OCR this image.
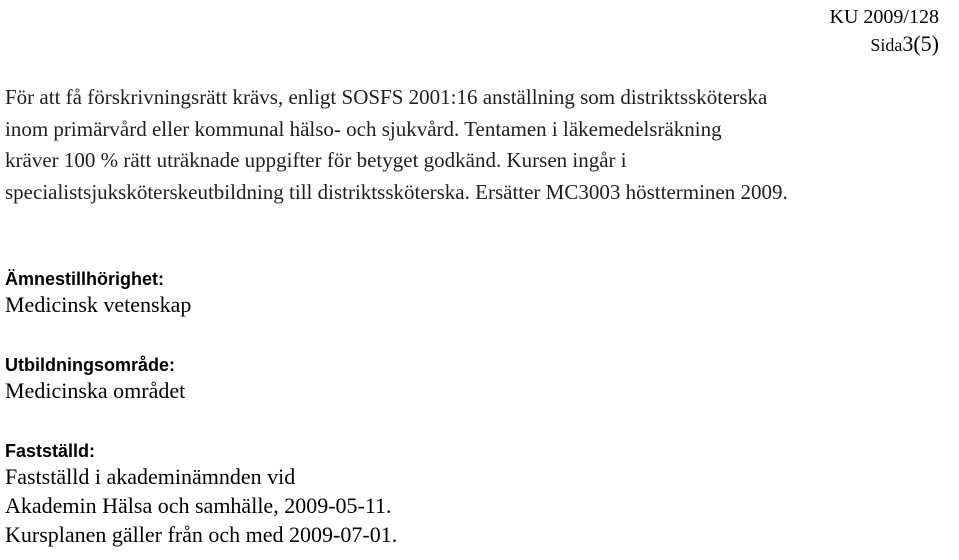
KU 2009/128
Sida3(5)
För att få förskrivningsrätt krävs, enligt SOSFS 2001:16 anställning som distriktssköterska
inom primärvård eller kommunal hälso- och sjukvård. Tentamen i läkemedelsräkning
kräver 100 % rätt uträknade uppgifter för betyget godkänd. Kursen ingår i
specialistsjuksköterskeutbildning till distriktssköterska. Ersätter MC3003 höstterminen 2009.

Ämnestillhörighet:

Medicinsk vetenskap

Utbildningsområde:

Medicinska området

Fastställd:

Fastställd i akademinämnden vid

Akademin Hälsa och samhälle, 2009-05-11.

Kursplanen gäller från och med 2009-07-01.
